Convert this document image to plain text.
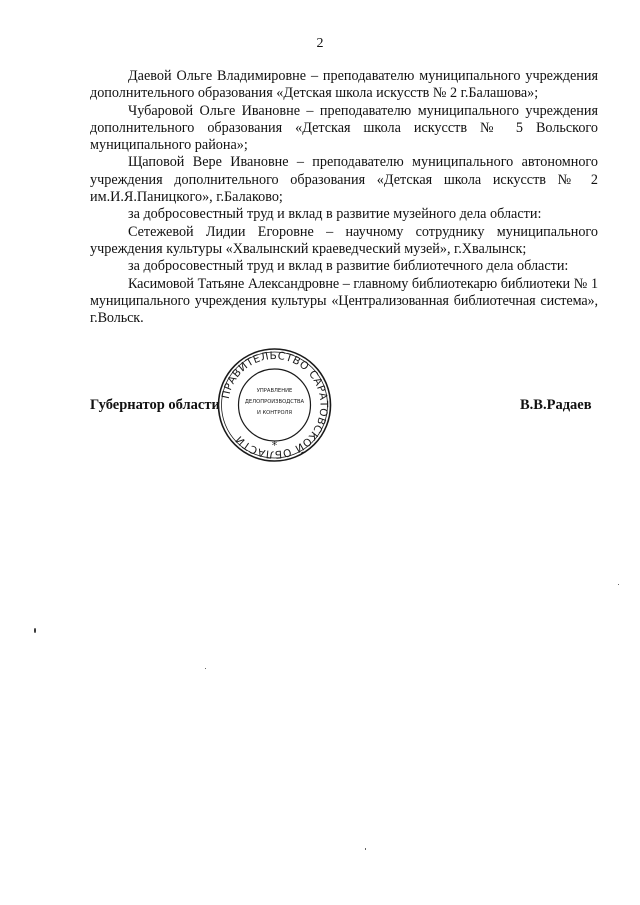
2

Даевой Ольге Владимировне – преподавателю муниципального учреждения дополнительного образования «Детская школа искусств № 2 г.Балашова»;

Чубаровой Ольге Ивановне – преподавателю муниципального учреждения дополнительного образования «Детская школа искусств № 5 Вольского муниципального района»;

Щаповой Вере Ивановне – преподавателю муниципального автономного учреждения дополнительного образования «Детская школа искусств № 2 им.И.Я.Паницкого», г.Балаково;

за добросовестный труд и вклад в развитие музейного дела области:

Сетежевой Лидии Егоровне – научному сотруднику муниципального учреждения культуры «Хвалынский краеведческий музей», г.Хвалынск;

за добросовестный труд и вклад в развитие библиотечного дела области:

Касимовой Татьяне Александровне – главному библиотекарю библиотеки № 1 муниципального учреждения культуры «Централизованная библиотечная система», г.Вольск.

Губернатор области
ПРАВИТЕЛЬСТВО САРАТОВСКОЙ ОБЛАСТИ
УПРАВЛЕНИЕ
ДЕЛОПРОИЗВОДСТВА
И КОНТРОЛЯ
*
В.В.Радаев
